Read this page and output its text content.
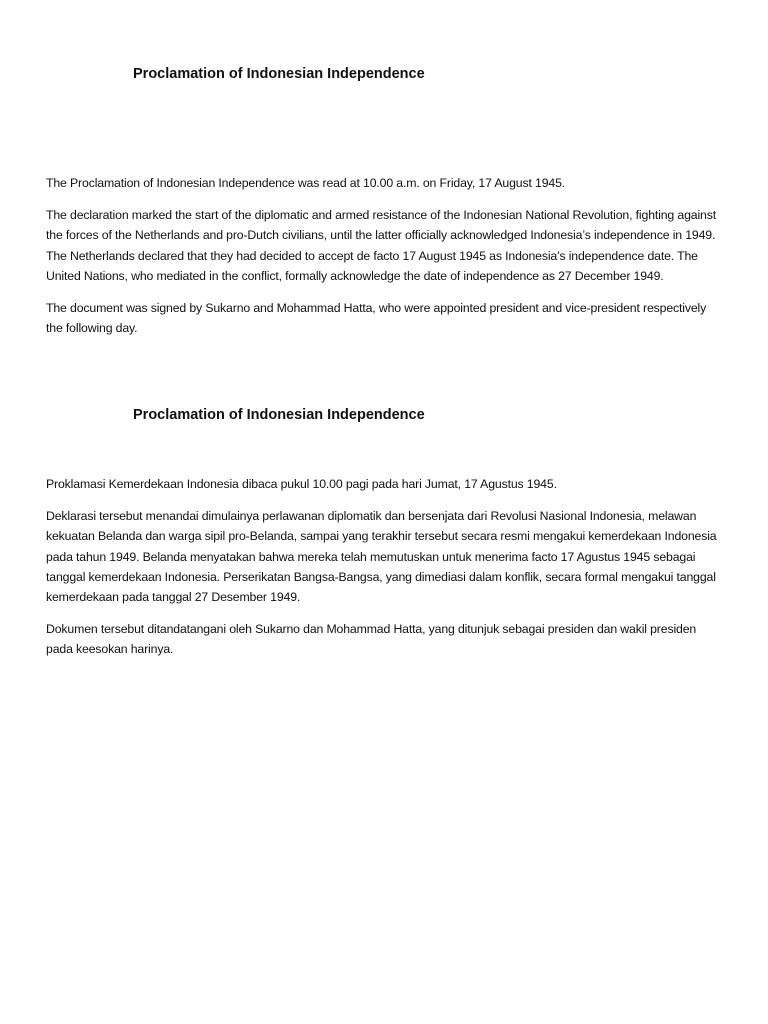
Proclamation of Indonesian Independence

The Proclamation of Indonesian Independence was read at 10.00 a.m. on Friday, 17 August 1945.

The declaration marked the start of the diplomatic and armed resistance of the Indonesian National Revolution, fighting against the forces of the Netherlands and pro-Dutch civilians, until the latter officially acknowledged Indonesia’s independence in 1949. The Netherlands declared that they had decided to accept de facto 17 August 1945 as Indonesia’s independence date. The United Nations, who mediated in the conflict, formally acknowledge the date of independence as 27 December 1949.

The document was signed by Sukarno and Mohammad Hatta, who were appointed president and vice-president respectively the following day.

Proclamation of Indonesian Independence

Proklamasi Kemerdekaan Indonesia dibaca pukul 10.00 pagi pada hari Jumat, 17 Agustus 1945.

Deklarasi tersebut menandai dimulainya perlawanan diplomatik dan bersenjata dari Revolusi Nasional Indonesia, melawan kekuatan Belanda dan warga sipil pro-Belanda, sampai yang terakhir tersebut secara resmi mengakui kemerdekaan Indonesia pada tahun 1949. Belanda menyatakan bahwa mereka telah memutuskan untuk menerima facto 17 Agustus 1945 sebagai tanggal kemerdekaan Indonesia. Perserikatan Bangsa-Bangsa, yang dimediasi dalam konflik, secara formal mengakui tanggal kemerdekaan pada tanggal 27 Desember 1949.

Dokumen tersebut ditandatangani oleh Sukarno dan Mohammad Hatta, yang ditunjuk sebagai presiden dan wakil presiden pada keesokan harinya.
